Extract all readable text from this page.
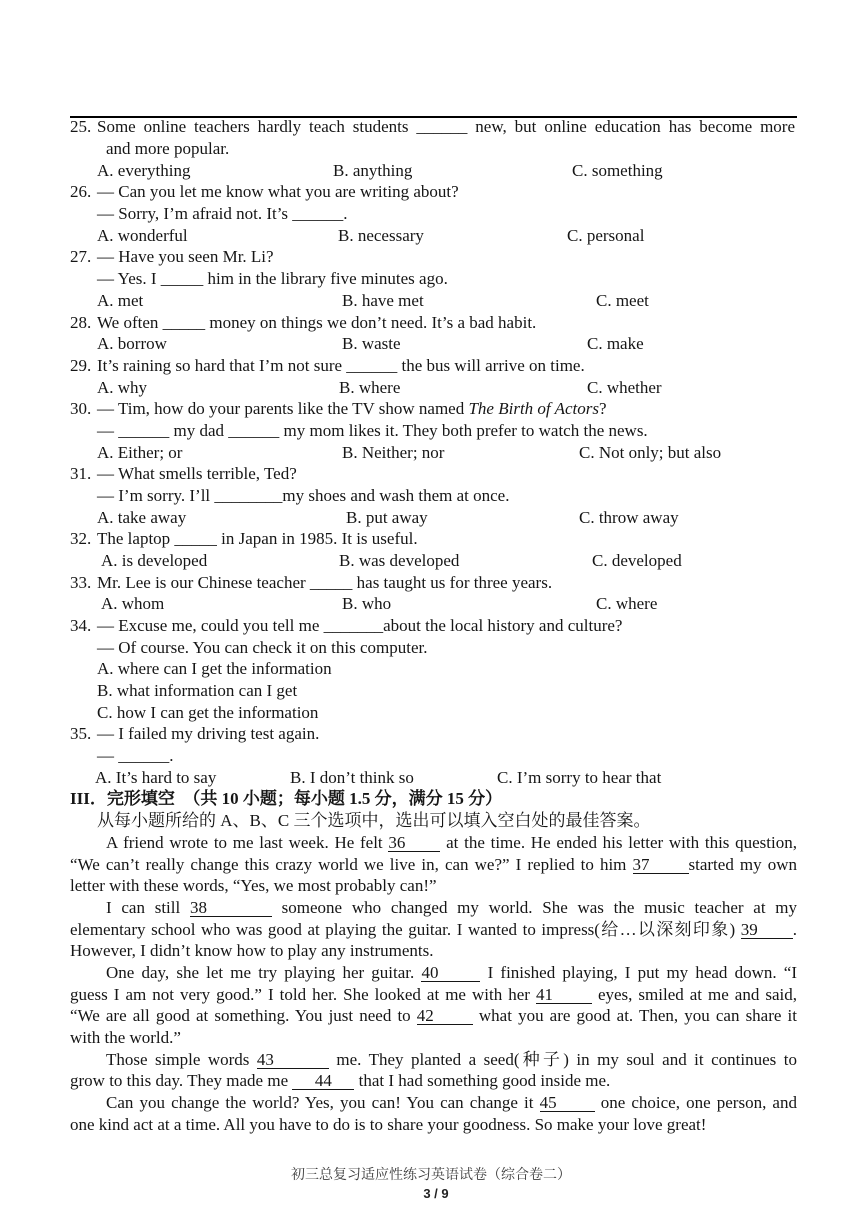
初三总复习适应性练习英语试卷（综合卷二）
3 / 9
25. Some online teachers hardly teach students ______ new, but online education has become more
and more popular.
A. everything	B. anything	C. something
26. — Can you let me know what you are writing about?
— Sorry, I’m afraid not. It’s ______.
A. wonderful	B. necessary	C. personal
27. — Have you seen Mr. Li?
— Yes. I _____ him in the library five minutes ago.
A. met	B. have met	C. meet
28. We often _____ money on things we don’t need. It’s a bad habit.
A. borrow	B. waste	C. make
29. It’s raining so hard that I’m not sure ______ the bus will arrive on time.
A. why	B. where	C. whether
30. — Tim, how do your parents like the TV show named The Birth of Actors?
— ______ my dad ______ my mom likes it. They both prefer to watch the news.
A. Either; or	B. Neither; nor	C. Not only; but also
31. — What smells terrible, Ted?
— I’m sorry. I’ll ________my shoes and wash them at once.
A. take away	B. put away	C. throw away
32. The laptop _____ in Japan in 1985. It is useful.
A. is developed	B. was developed	C. developed
33. Mr. Lee is our Chinese teacher _____ has taught us for three years.
A. whom	B. who	C. where
34. — Excuse me, could you tell me _______about the local history and culture?
— Of course. You can check it on this computer.
A. where can I get the information
B. what information can I get
C. how I can get the information
35. — I failed my driving test again.
— ______.
A. It’s hard to say	B. I don’t think so	C. I’m sorry to hear that
III．完形填空　（共 10 小题；每小题 1.5 分，满分 15 分）
从每小题所给的 A、B、C 三个选项中，选出可以填入空白处的最佳答案。
A friend wrote to me last week. He felt 36 at the time. He ended his letter with this question,
“We can’t really change this crazy world we live in, can we?” I replied to him 37 started my own
letter with these words, “Yes, we most probably can!”
I can still 38	someone who changed my world. She was the music teacher at my
elementary school who was good at playing the guitar. I wanted to impress(给…以深刻印象) 39 .
However, I didn’t know how to play any instruments.
One day, she let me try playing her guitar. 40 I finished playing, I put my head down. “I
guess I am not very good.” I told her. She looked at me with her 41 eyes, smiled at me and said,
“We are all good at something. You just need to 42 what you are good at. Then, you can share it
with the world.”
Those simple words 43	me. They planted a seed(种子) in my soul and it continues to
grow to this day. They made me 44 that I had something good inside me.
Can you change the world? Yes, you can! You can change it 45 one choice, one person, and
one kind act at a time. All you have to do is to share your goodness. So make your love great!
